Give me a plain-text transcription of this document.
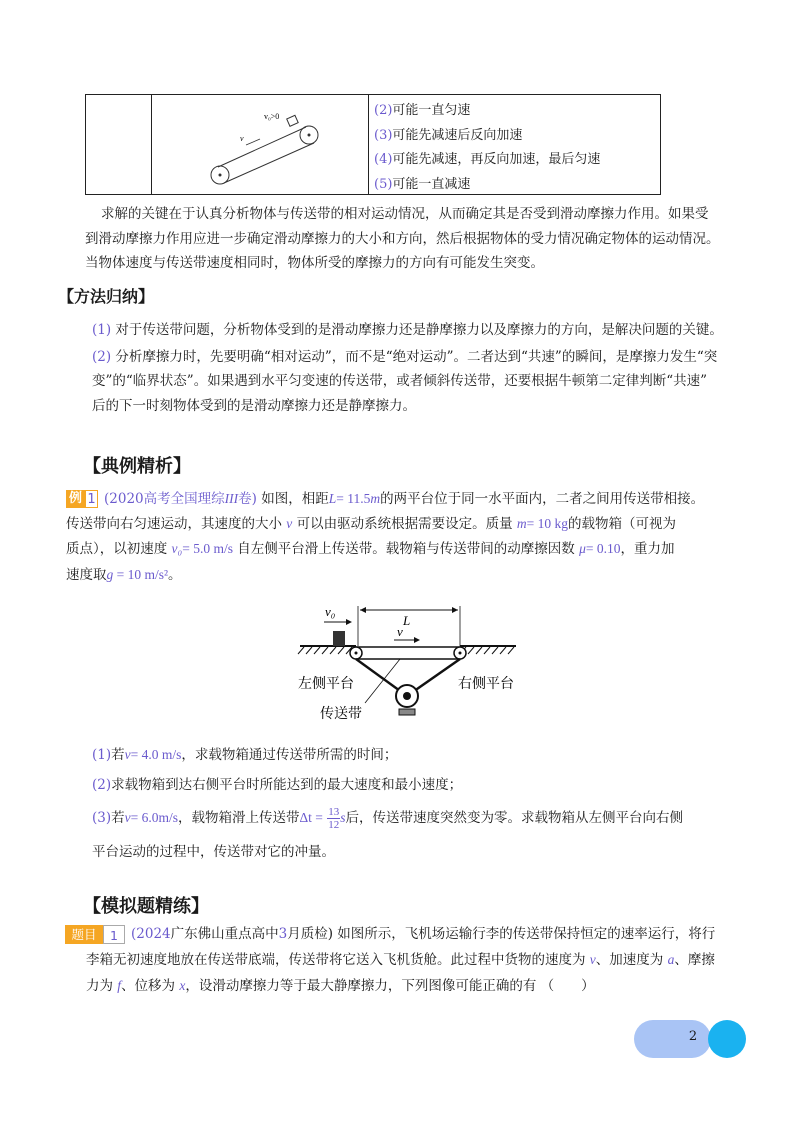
v₀>0
v
(2)可能一直匀速
(3)可能先减速后反向加速
(4)可能先减速，再反向加速，最后匀速
(5)可能一直减速
求解的关键在于认真分析物体与传送带的相对运动情况，从而确定其是否受到滑动摩擦力作用。如果受
到滑动摩擦力作用应进一步确定滑动摩擦力的大小和方向，然后根据物体的受力情况确定物体的运动情况。
当物体速度与传送带速度相同时，物体所受的摩擦力的方向有可能发生突变。
【方法归纳】
(1) 对于传送带问题，分析物体受到的是滑动摩擦力还是静摩擦力以及摩擦力的方向，是解决问题的关键。
(2) 分析摩擦力时，先要明确“相对运动”，而不是“绝对运动”。二者达到“共速”的瞬间，是摩擦力发生“突
变”的“临界状态”。如果遇到水平匀变速的传送带，或者倾斜传送带，还要根据牛顿第二定律判断“共速”
后的下一时刻物体受到的是滑动摩擦力还是静摩擦力。
【典例精析】
例 1 (2020高考全国理综III卷) 如图，相距L= 11.5m的两平台位于同一水平面内，二者之间用传送带相接。
传送带向右匀速运动，其速度的大小 v 可以由驱动系统根据需要设定。质量 m= 10 kg的载物箱（可视为
质点），以初速度 v₀= 5.0 m/s 自左侧平台滑上传送带。载物箱与传送带间的动摩擦因数 μ= 0.10，重力加
速度取g = 10 m/s²。
v₀
L
v
左侧平台	右侧平台
传送带
(1)若v= 4.0 m/s，求载物箱通过传送带所需的时间；
(2)求载物箱到达右侧平台时所能达到的最大速度和最小速度；
(3)若v= 6.0m/s，载物箱滑上传送带$\Delta t = \frac{13}{12}$ s后，传送带速度突然变为零。求载物箱从左侧平台向右侧
平台运动的过程中，传送带对它的冲量。
【模拟题精练】
题目	1 (2024广东佛山重点高中3月质检) 如图所示，飞机场运输行李的传送带保持恒定的速率运行，将行
李箱无初速度地放在传送带底端，传送带将它送入飞机货舱。此过程中货物的速度为 v、加速度为 a、摩擦
力为 f、位移为 x，设滑动摩擦力等于最大静摩擦力，下列图像可能正确的有 （　　）
2
